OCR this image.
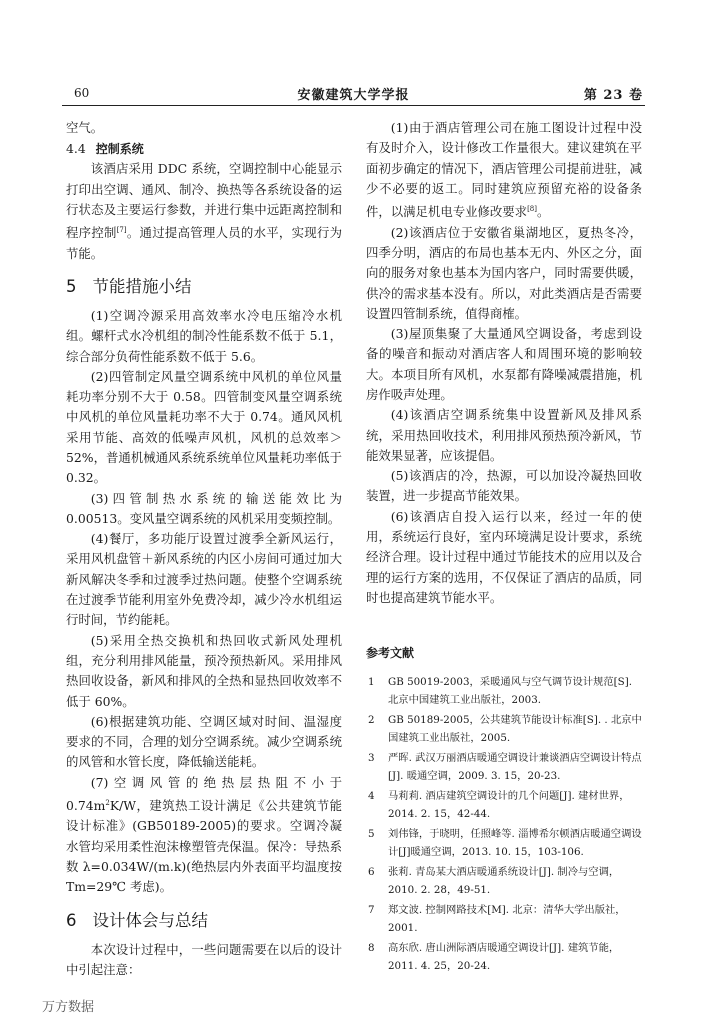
60	安徽建筑大学学报	第 23 卷

空气。

4.4 控制系统

该酒店采用 DDC 系统，空调控制中心能显示打印出空调、通风、制冷、换热等各系统设备的运行状态及主要运行参数，并进行集中远距离控制和程序控制[7]。通过提高管理人员的水平，实现行为节能。

5 节能措施小结

(1)空调冷源采用高效率水冷电压缩冷水机组。螺杆式水冷机组的制冷性能系数不低于 5.1，综合部分负荷性能系数不低于 5.6。

(2)四管制定风量空调系统中风机的单位风量耗功率分别不大于 0.58。四管制变风量空调系统中风机的单位风量耗功率不大于 0.74。通风风机采用节能、高效的低噪声风机，风机的总效率＞52%，普通机械通风系统系统单位风量耗功率低于 0.32。

(3)四管制热水系统的输送能效比为 0.00513。变风量空调系统的风机采用变频控制。

(4)餐厅，多功能厅设置过渡季全新风运行，采用风机盘管＋新风系统的内区小房间可通过加大新风解决冬季和过渡季过热问题。使整个空调系统在过渡季节能利用室外免费冷却，减少冷水机组运行时间，节约能耗。

(5)采用全热交换机和热回收式新风处理机组，充分利用排风能量，预冷预热新风。采用排风热回收设备，新风和排风的全热和显热回收效率不低于 60%。

(6)根据建筑功能、空调区域对时间、温湿度要求的不同，合理的划分空调系统。减少空调系统的风管和水管长度，降低输送能耗。

(7)空调风管的绝热层热阻不小于 $0.74m^2K/W$，建筑热工设计满足《公共建筑节能设计标准》(GB50189-2005)的要求。空调冷凝水管均采用柔性泡沫橡塑管壳保温。保冷：导热系数 λ=0.034W/(m.k)(绝热层内外表面平均温度按 Tm=29℃ 考虑)。

6 设计体会与总结

本次设计过程中，一些问题需要在以后的设计中引起注意：

(1)由于酒店管理公司在施工图设计过程中没有及时介入，设计修改工作量很大。建议建筑在平面初步确定的情况下，酒店管理公司提前进驻，减少不必要的返工。同时建筑应预留充裕的设备条件，以满足机电专业修改要求[8]。

(2)该酒店位于安徽省巢湖地区，夏热冬冷，四季分明，酒店的布局也基本无内、外区之分，面向的服务对象也基本为国内客户，同时需要供暖，供冷的需求基本没有。所以，对此类酒店是否需要设置四管制系统，值得商榷。

(3)屋顶集聚了大量通风空调设备，考虑到设备的噪音和振动对酒店客人和周围环境的影响较大。本项目所有风机，水泵都有降噪减震措施，机房作吸声处理。

(4)该酒店空调系统集中设置新风及排风系统，采用热回收技术，利用排风预热预冷新风，节能效果显著，应该提倡。

(5)该酒店的冷，热源，可以加设冷凝热回收装置，进一步提高节能效果。

(6)该酒店自投入运行以来，经过一年的使用，系统运行良好，室内环境满足设计要求，系统经济合理。设计过程中通过节能技术的应用以及合理的运行方案的选用，不仅保证了酒店的品质，同时也提高建筑节能水平。

参考文献
1	GB 50019-2003，采暖通风与空气调节设计规范[S]. 北京中国建筑工业出版社，2003.
2	GB 50189-2005，公共建筑节能设计标准[S]. . 北京中国建筑工业出版社，2005.
3	严晖. 武汉万丽酒店暖通空调设计兼谈酒店空调设计特点[J]. 暖通空调，2009. 3. 15，20-23.
4	马莉莉. 酒店建筑空调设计的几个问题[J]. 建材世界，2014. 2. 15，42-44.
5	刘伟锋，于晓明，任照峰等. 淄博希尔顿酒店暖通空调设计[J]暖通空调，2013. 10. 15，103-106.
6	张莉. 青岛某大酒店暖通系统设计[J]. 制冷与空调，2010. 2. 28，49-51.
7	郑文波. 控制网路技术[M]. 北京：清华大学出版社，2001.
8	高东欣. 唐山洲际酒店暖通空调设计[J]. 建筑节能，2011. 4. 25，20-24.
万方数据
